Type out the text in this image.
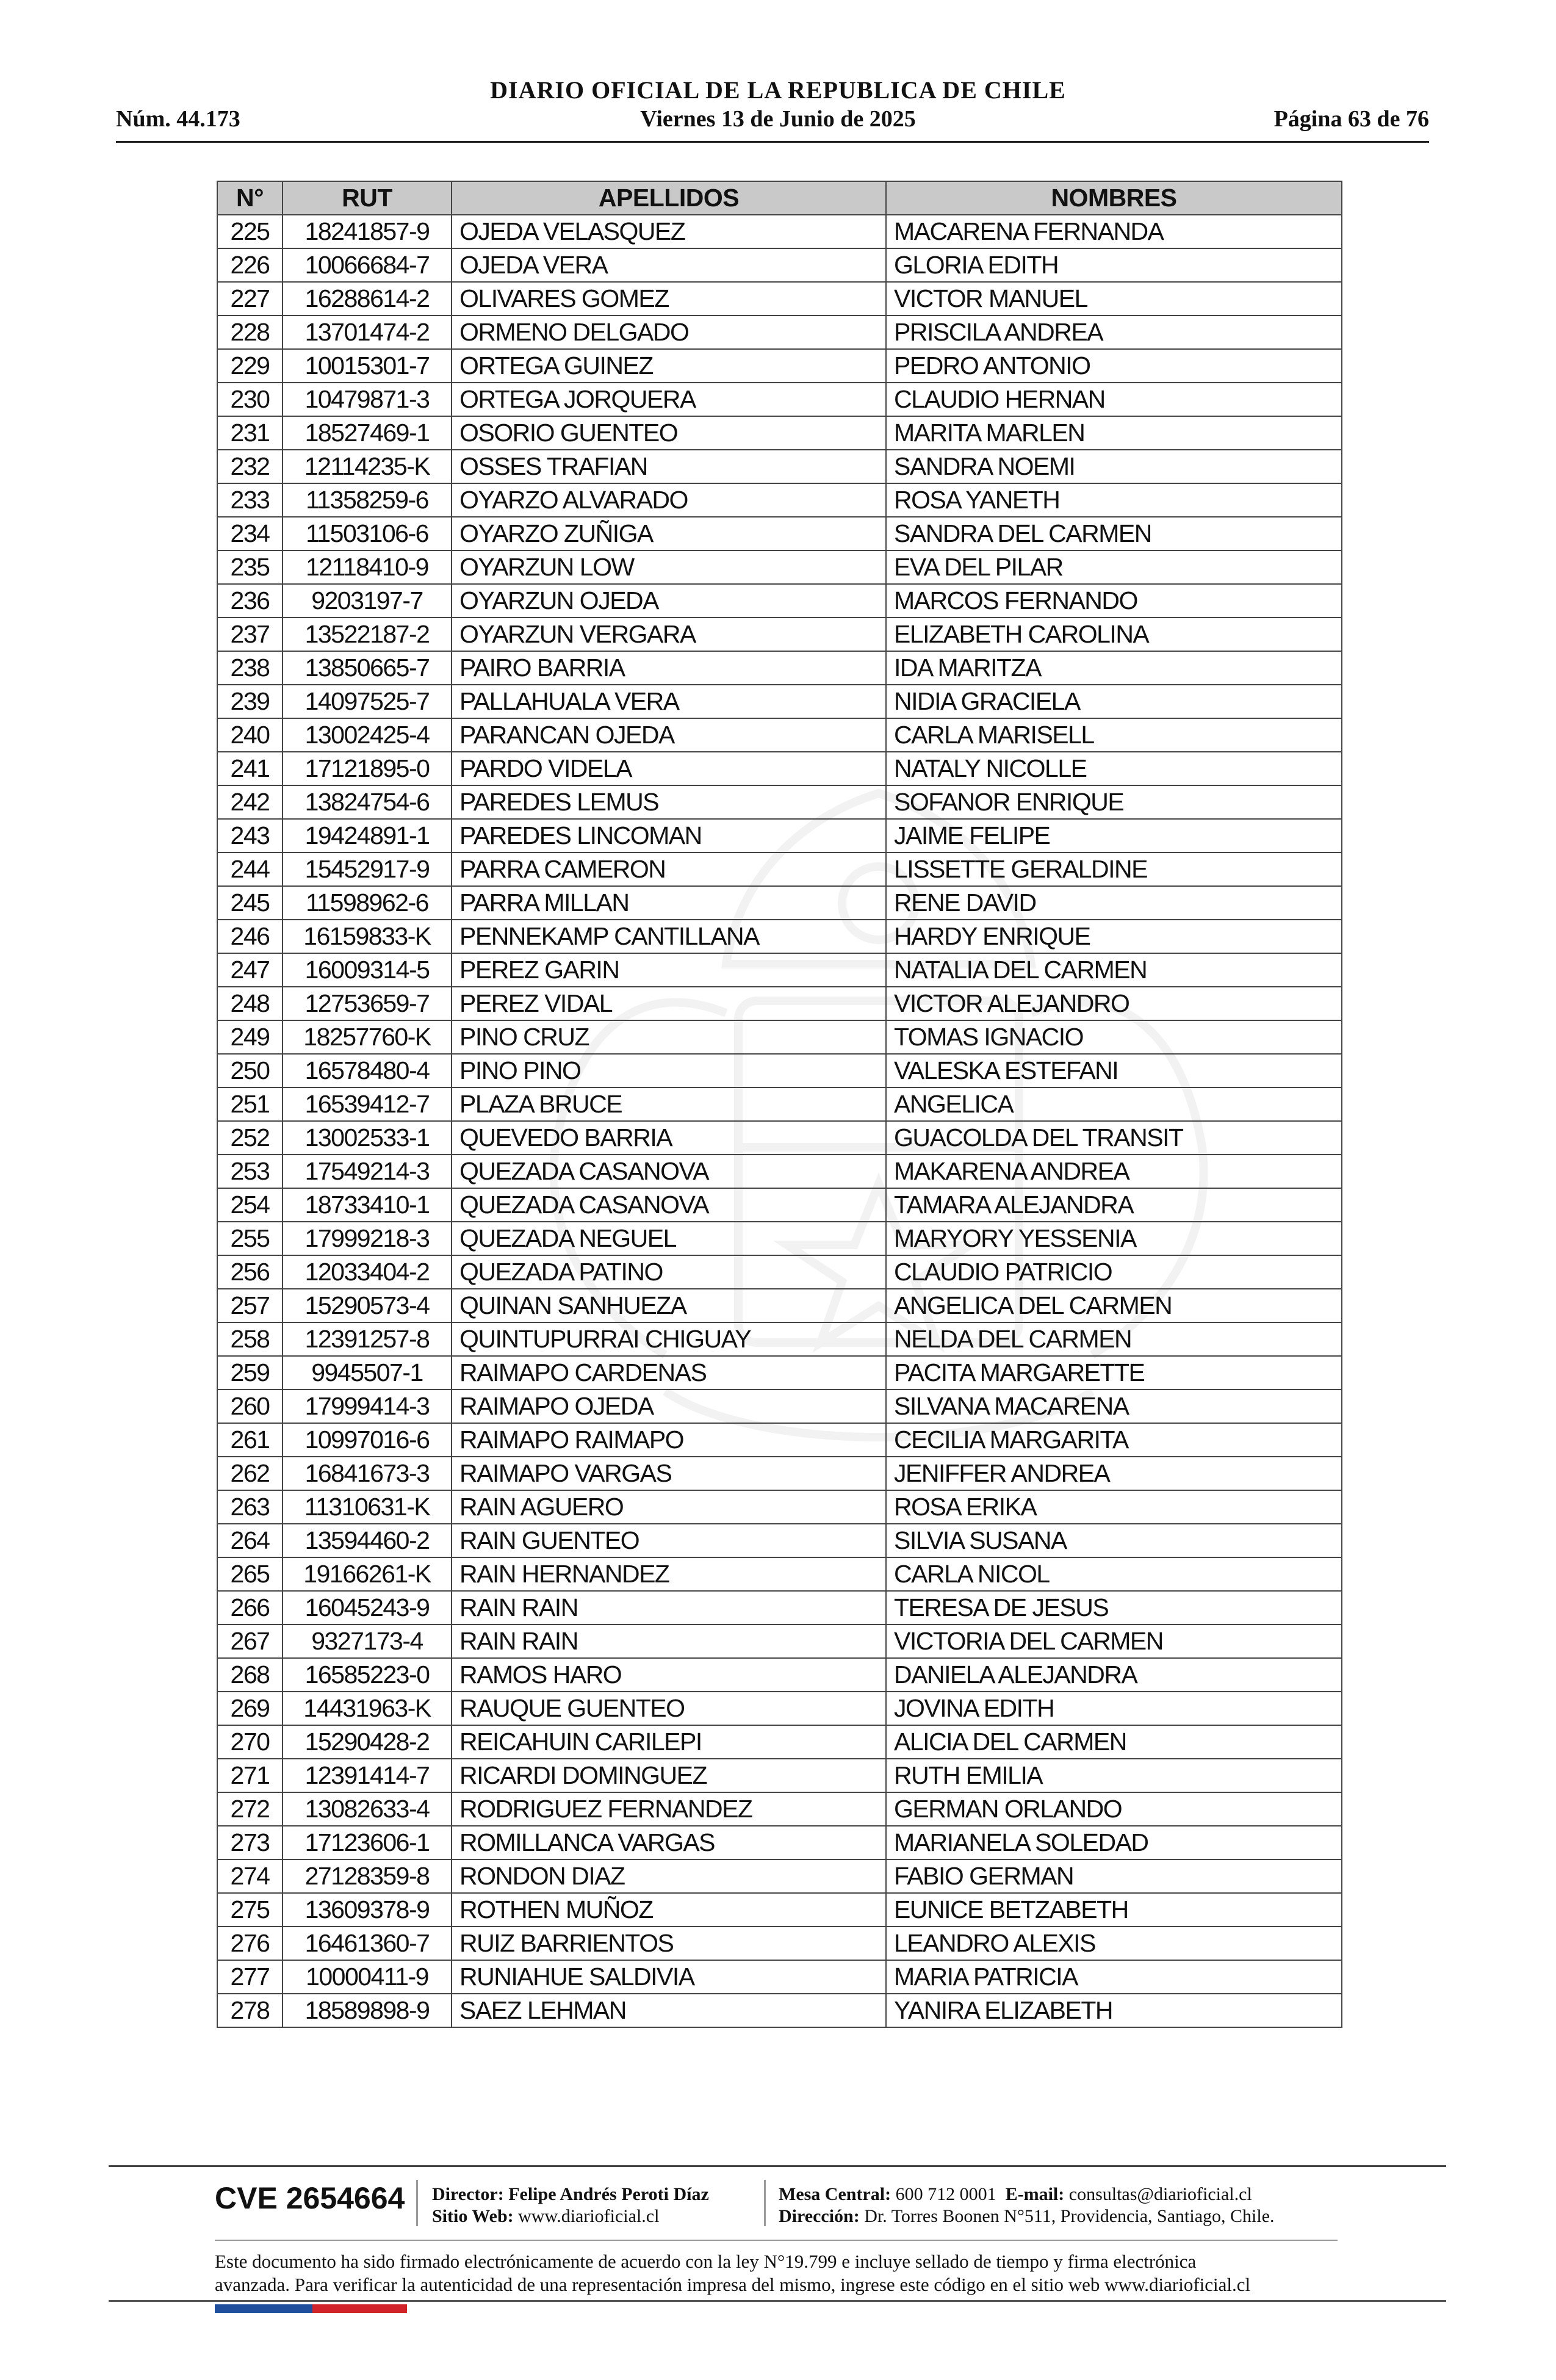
DIARIO OFICIAL DE LA REPUBLICA DE CHILE
Núm. 44.173	Viernes 13 de Junio de 2025	Página 63 de 76
N°	RUT	APELLIDOS	NOMBRES
225	18241857-9	OJEDA VELASQUEZ	MACARENA FERNANDA
226	10066684-7	OJEDA VERA	GLORIA EDITH
227	16288614-2	OLIVARES GOMEZ	VICTOR MANUEL
228	13701474-2	ORMENO DELGADO	PRISCILA ANDREA
229	10015301-7	ORTEGA GUINEZ	PEDRO ANTONIO
230	10479871-3	ORTEGA JORQUERA	CLAUDIO HERNAN
231	18527469-1	OSORIO GUENTEO	MARITA MARLEN
232	12114235-K	OSSES TRAFIAN	SANDRA NOEMI
233	11358259-6	OYARZO ALVARADO	ROSA YANETH
234	11503106-6	OYARZO ZUÑIGA	SANDRA DEL CARMEN
235	12118410-9	OYARZUN LOW	EVA DEL PILAR
236	9203197-7	OYARZUN OJEDA	MARCOS FERNANDO
237	13522187-2	OYARZUN VERGARA	ELIZABETH CAROLINA
238	13850665-7	PAIRO BARRIA	IDA MARITZA
239	14097525-7	PALLAHUALA VERA	NIDIA GRACIELA
240	13002425-4	PARANCAN OJEDA	CARLA MARISELL
241	17121895-0	PARDO VIDELA	NATALY NICOLLE
242	13824754-6	PAREDES LEMUS	SOFANOR ENRIQUE
243	19424891-1	PAREDES LINCOMAN	JAIME FELIPE
244	15452917-9	PARRA CAMERON	LISSETTE GERALDINE
245	11598962-6	PARRA MILLAN	RENE DAVID
246	16159833-K	PENNEKAMP CANTILLANA	HARDY ENRIQUE
247	16009314-5	PEREZ GARIN	NATALIA DEL CARMEN
248	12753659-7	PEREZ VIDAL	VICTOR ALEJANDRO
249	18257760-K	PINO CRUZ	TOMAS IGNACIO
250	16578480-4	PINO PINO	VALESKA ESTEFANI
251	16539412-7	PLAZA BRUCE	ANGELICA
252	13002533-1	QUEVEDO BARRIA	GUACOLDA DEL TRANSIT
253	17549214-3	QUEZADA CASANOVA	MAKARENA ANDREA
254	18733410-1	QUEZADA CASANOVA	TAMARA ALEJANDRA
255	17999218-3	QUEZADA NEGUEL	MARYORY YESSENIA
256	12033404-2	QUEZADA PATINO	CLAUDIO PATRICIO
257	15290573-4	QUINAN SANHUEZA	ANGELICA DEL CARMEN
258	12391257-8	QUINTUPURRAI CHIGUAY	NELDA DEL CARMEN
259	9945507-1	RAIMAPO CARDENAS	PACITA MARGARETTE
260	17999414-3	RAIMAPO OJEDA	SILVANA MACARENA
261	10997016-6	RAIMAPO RAIMAPO	CECILIA MARGARITA
262	16841673-3	RAIMAPO VARGAS	JENIFFER ANDREA
263	11310631-K	RAIN AGUERO	ROSA ERIKA
264	13594460-2	RAIN GUENTEO	SILVIA SUSANA
265	19166261-K	RAIN HERNANDEZ	CARLA NICOL
266	16045243-9	RAIN RAIN	TERESA DE JESUS
267	9327173-4	RAIN RAIN	VICTORIA DEL CARMEN
268	16585223-0	RAMOS HARO	DANIELA ALEJANDRA
269	14431963-K	RAUQUE GUENTEO	JOVINA EDITH
270	15290428-2	REICAHUIN CARILEPI	ALICIA DEL CARMEN
271	12391414-7	RICARDI DOMINGUEZ	RUTH EMILIA
272	13082633-4	RODRIGUEZ FERNANDEZ	GERMAN ORLANDO
273	17123606-1	ROMILLANCA VARGAS	MARIANELA SOLEDAD
274	27128359-8	RONDON DIAZ	FABIO GERMAN
275	13609378-9	ROTHEN MUÑOZ	EUNICE BETZABETH
276	16461360-7	RUIZ BARRIENTOS	LEANDRO ALEXIS
277	10000411-9	RUNIAHUE SALDIVIA	MARIA PATRICIA
278	18589898-9	SAEZ LEHMAN	YANIRA ELIZABETH
CVE 2654664 Director: Felipe Andrés Peroti Díaz
Sitio Web: www.diarioficial.cl
Mesa Central: 600 712 0001 E-mail: consultas@diarioficial.cl
Dirección: Dr. Torres Boonen N°511, Providencia, Santiago, Chile.
Este documento ha sido firmado electrónicamente de acuerdo con la ley N°19.799 e incluye sellado de tiempo y firma electrónica
avanzada. Para verificar la autenticidad de una representación impresa del mismo, ingrese este código en el sitio web www.diarioficial.cl
